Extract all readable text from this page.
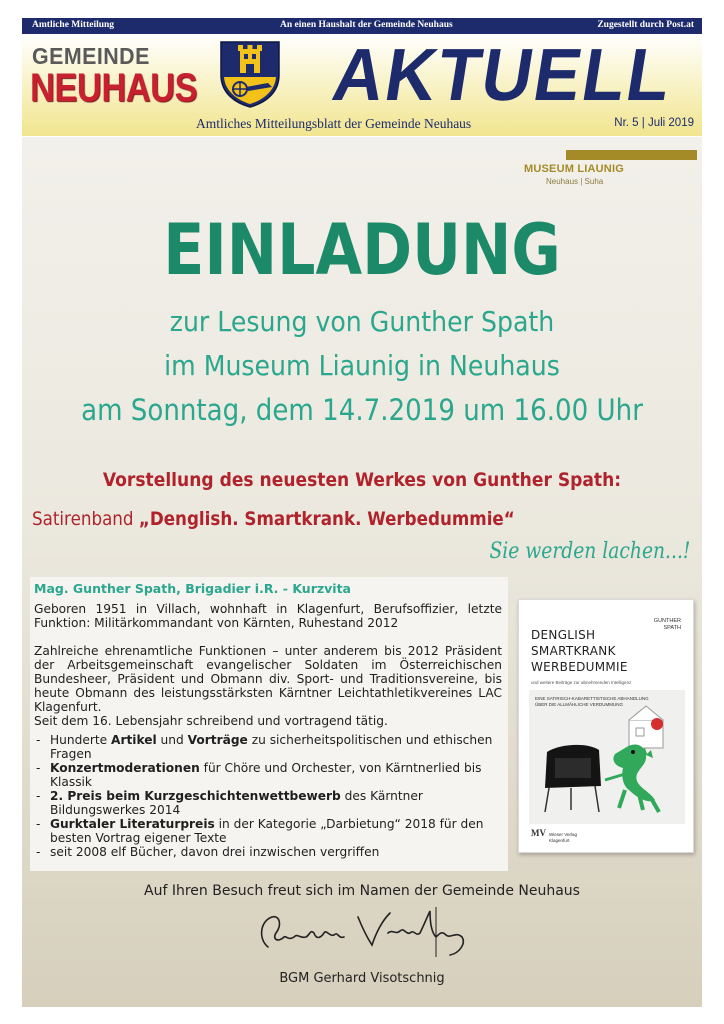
Amtliche Mitteilung	An einen Haushalt der Gemeinde Neuhaus	Zugestellt durch Post.at
GEMEINDE
NEUHAUS AKTUELL
Amtliches Mitteilungsblatt der Gemeinde Neuhaus	Nr. 5 | Juli 2019
MUSEUM LIAUNIG
Neuhaus | Suha
EINLADUNG
zur Lesung von Gunther Spath
im Museum Liaunig in Neuhaus
am Sonntag, dem 14.7.2019 um 16.00 Uhr
Vorstellung des neuesten Werkes von Gunther Spath:
Satirenband „Denglish. Smartkrank. Werbedummie“
Sie werden lachen...!
Mag. Gunther Spath, Brigadier i.R. - Kurzvita

Geboren 1951 in Villach, wohnhaft in Klagenfurt, Berufsoffizier, letzte Funktion: Militärkommandant von Kärnten, Ruhestand 2012

Zahlreiche ehrenamtliche Funktionen – unter anderem bis 2012 Präsident der Arbeitsgemeinschaft evangelischer Soldaten im Österreichischen Bundesheer, Präsident und Obmann div. Sport- und Traditionsvereine, bis heute Obmann des leistungsstärksten Kärntner Leichtathletikvereines LAC Klagenfurt.

Seit dem 16. Lebensjahr schreibend und vortragend tätig.

- Hunderte Artikel und Vorträge zu sicherheitspolitischen und ethischen Fragen
- Konzertmoderationen für Chöre und Orchester, von Kärntnerlied bis Klassik
- 2. Preis beim Kurzgeschichtenwettbewerb des Kärntner Bildungswerkes 2014
- Gurktaler Literaturpreis in der Kategorie „Darbietung“ 2018 für den besten Vortrag eigener Texte
- seit 2008 elf Bücher, davon drei inzwischen vergriffen
GUNTHER
SPATH
DENGLISH
SMARTKRANK
WERBEDUMMIE
und weitere Beiträge zur abnehmenden Intelligenz
EINE SATIRISCH-KABARETTISTISCHE ABHANDLUNG
ÜBER DIE ALLMÄHLICHE VERDUMMUNG
MV Wieser Verlag
Klagenfurt
Auf Ihren Besuch freut sich im Namen der Gemeinde Neuhaus
BGM Gerhard Visotschnig
